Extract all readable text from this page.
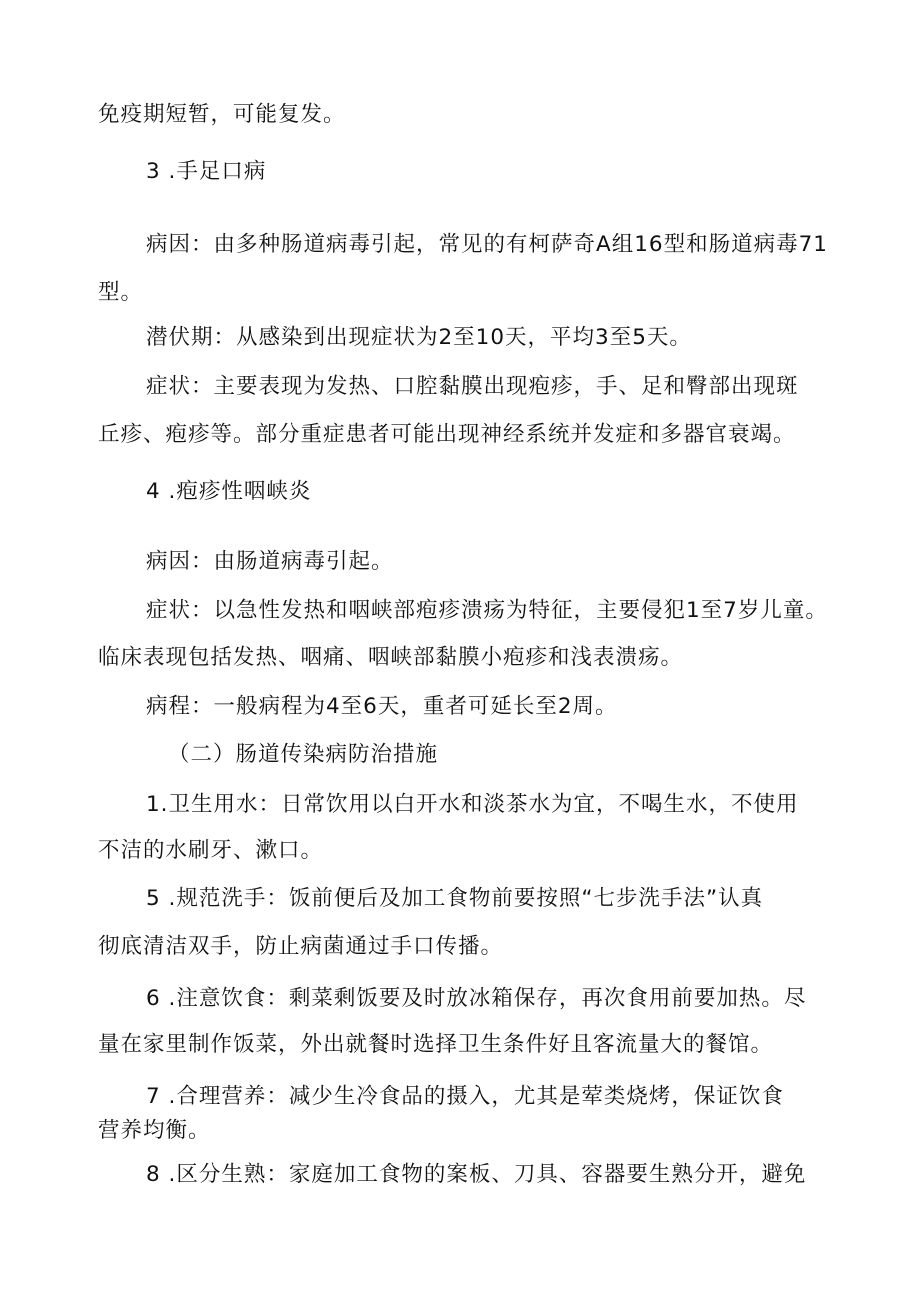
免疫期短暂，可能复发。
3 .手足口病
病因：由多种肠道病毒引起，常见的有柯萨奇A组16型和肠道病毒71
型。
潜伏期：从感染到出现症状为2至10天，平均3至5天。
症状：主要表现为发热、口腔黏膜出现疱疹，手、足和臀部出现斑
丘疹、疱疹等。部分重症患者可能出现神经系统并发症和多器官衰竭。
4 .疱疹性咽峡炎
病因：由肠道病毒引起。
症状：以急性发热和咽峡部疱疹溃疡为特征，主要侵犯1至7岁儿童。
临床表现包括发热、咽痛、咽峡部黏膜小疱疹和浅表溃疡。
病程：一般病程为4至6天，重者可延长至2周。
（二）肠道传染病防治措施
1.卫生用水：日常饮用以白开水和淡茶水为宜，不喝生水，不使用
不洁的水刷牙、漱口。
5 .规范洗手：饭前便后及加工食物前要按照“七步洗手法”认真
彻底清洁双手，防止病菌通过手口传播。
6 .注意饮食：剩菜剩饭要及时放冰箱保存，再次食用前要加热。尽
量在家里制作饭菜，外出就餐时选择卫生条件好且客流量大的餐馆。
7 .合理营养：减少生冷食品的摄入，尤其是荤类烧烤，保证饮食
营养均衡。
8 .区分生熟：家庭加工食物的案板、刀具、容器要生熟分开，避免
